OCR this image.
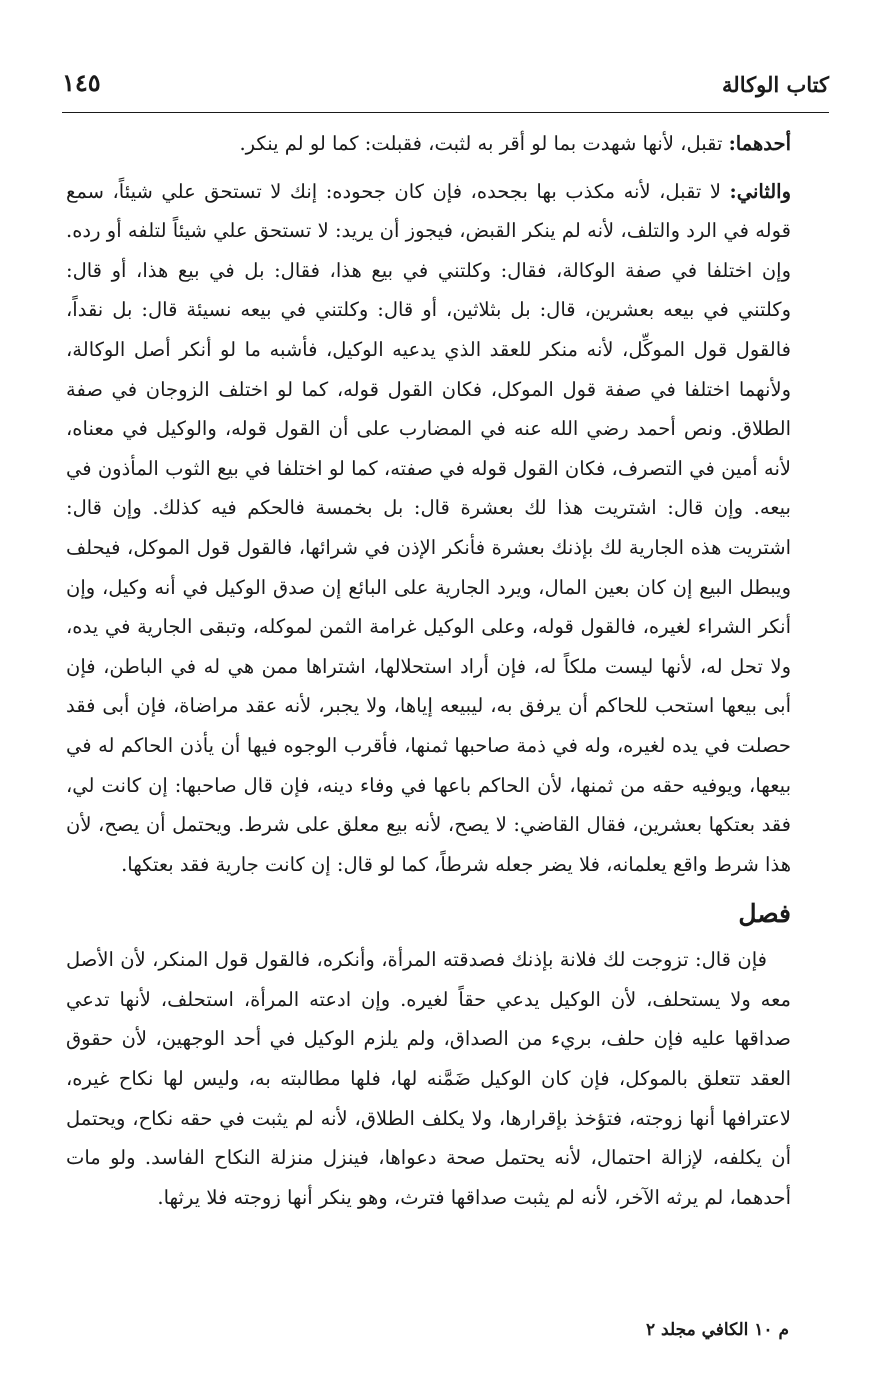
كتاب الوكالة
١٤٥

أحدهما: تقبل، لأنها شهدت بما لو أقر به لثبت، فقبلت: كما لو لم ينكر.

والثاني: لا تقبل، لأنه مكذب بها بجحده، فإن كان جحوده: إنك لا تستحق علي شيئاً، سمع قوله في الرد والتلف، لأنه لم ينكر القبض، فيجوز أن يريد: لا تستحق علي شيئاً لتلفه أو رده. وإن اختلفا في صفة الوكالة، فقال: وكلتني في بيع هذا، فقال: بل في بيع هذا، أو قال: وكلتني في بيعه بعشرين، قال: بل بثلاثين، أو قال: وكلتني في بيعه نسيئة قال: بل نقداً، فالقول قول الموكِّل، لأنه منكر للعقد الذي يدعيه الوكيل، فأشبه ما لو أنكر أصل الوكالة، ولأنهما اختلفا في صفة قول الموكل، فكان القول قوله، كما لو اختلف الزوجان في صفة الطلاق. ونص أحمد رضي الله عنه في المضارب على أن القول قوله، والوكيل في معناه، لأنه أمين في التصرف، فكان القول قوله في صفته، كما لو اختلفا في بيع الثوب المأذون في بيعه. وإن قال: اشتريت هذا لك بعشرة قال: بل بخمسة فالحكم فيه كذلك. وإن قال: اشتريت هذه الجارية لك بإذنك بعشرة فأنكر الإذن في شرائها، فالقول قول الموكل، فيحلف ويبطل البيع إن كان بعين المال، ويرد الجارية على البائع إن صدق الوكيل في أنه وكيل، وإن أنكر الشراء لغيره، فالقول قوله، وعلى الوكيل غرامة الثمن لموكله، وتبقى الجارية في يده، ولا تحل له، لأنها ليست ملكاً له، فإن أراد استحلالها، اشتراها ممن هي له في الباطن، فإن أبى بيعها استحب للحاكم أن يرفق به، ليبيعه إياها، ولا يجبر، لأنه عقد مراضاة، فإن أبى فقد حصلت في يده لغيره، وله في ذمة صاحبها ثمنها، فأقرب الوجوه فيها أن يأذن الحاكم له في بيعها، ويوفيه حقه من ثمنها، لأن الحاكم باعها في وفاء دينه، فإن قال صاحبها: إن كانت لي، فقد بعتكها بعشرين، فقال القاضي: لا يصح، لأنه بيع معلق على شرط. ويحتمل أن يصح، لأن هذا شرط واقع يعلمانه، فلا يضر جعله شرطاً، كما لو قال: إن كانت جارية فقد بعتكها.

فصل

فإن قال: تزوجت لك فلانة بإذنك فصدقته المرأة، وأنكره، فالقول قول المنكر، لأن الأصل معه ولا يستحلف، لأن الوكيل يدعي حقاً لغيره. وإن ادعته المرأة، استحلف، لأنها تدعي صداقها عليه فإن حلف، بريء من الصداق، ولم يلزم الوكيل في أحد الوجهين، لأن حقوق العقد تتعلق بالموكل، فإن كان الوكيل ضَمَّنه لها، فلها مطالبته به، وليس لها نكاح غيره، لاعترافها أنها زوجته، فتؤخذ بإقرارها، ولا يكلف الطلاق، لأنه لم يثبت في حقه نكاح، ويحتمل أن يكلفه، لإزالة احتمال، لأنه يحتمل صحة دعواها، فينزل منزلة النكاح الفاسد. ولو مات أحدهما، لم يرثه الآخر، لأنه لم يثبت صداقها فترث، وهو ينكر أنها زوجته فلا يرثها.

م ١٠ الكافي مجلد ٢
